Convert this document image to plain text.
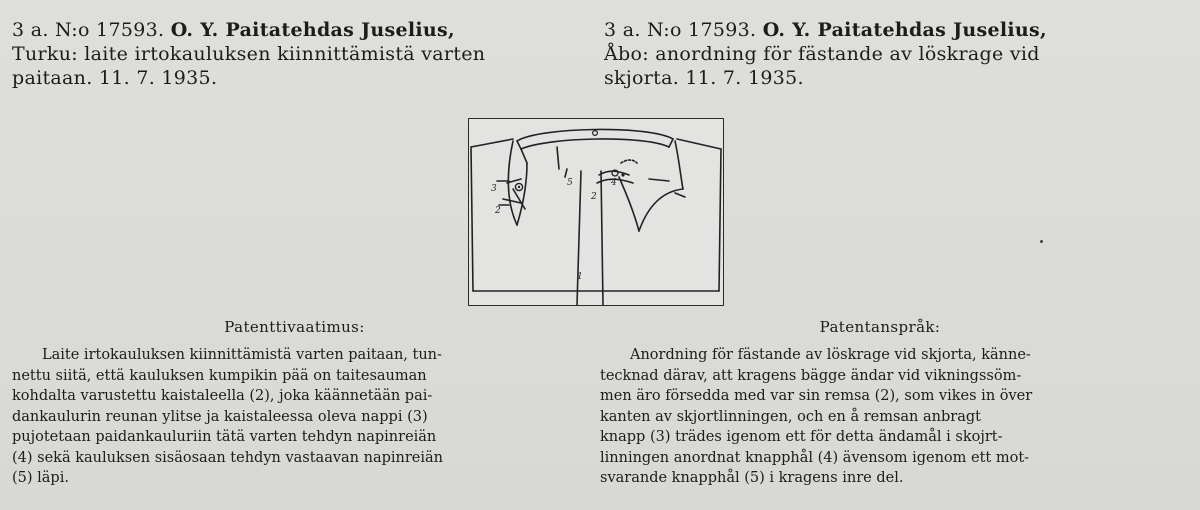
3 a. N:o 17593. O. Y. Paitatehdas Juselius,
Turku: laite irtokauluksen kiinnittämistä varten
paitaan. 11. 7. 1935.
Patenttivaatimus:
Laite irtokauluksen kiinnittämistä varten paitaan, tun-
nettu siitä, että kauluksen kumpikin pää on taitesauman
kohdalta varustettu kaistaleella (2), joka käännetään pai-
dankaulurin reunan ylitse ja kaistaleessa oleva nappi (3)
pujotetaan paidankauluriin tätä varten tehdyn napinreiän
(4) sekä kauluksen sisäosaan tehdyn vastaavan napinreiän
(5) läpi.
3 a. N:o 17593. O. Y. Paitatehdas Juselius,
Åbo: anordning för fästande av löskrage vid
skjorta. 11. 7. 1935.
Patentanspråk:
Anordning för fästande av löskrage vid skjorta, känne-
tecknad därav, att kragens bägge ändar vid vikningssöm-
men äro försedda med var sin remsa (2), som vikes in över
kanten av skjortlinningen, och en å remsan anbragt
knapp (3) trädes igenom ett för detta ändamål i skojrt-
linningen anordnat knapphål (4) ävensom igenom ett mot-
svarande knapphål (5) i kragens inre del.
3
2
5	4
2
1
